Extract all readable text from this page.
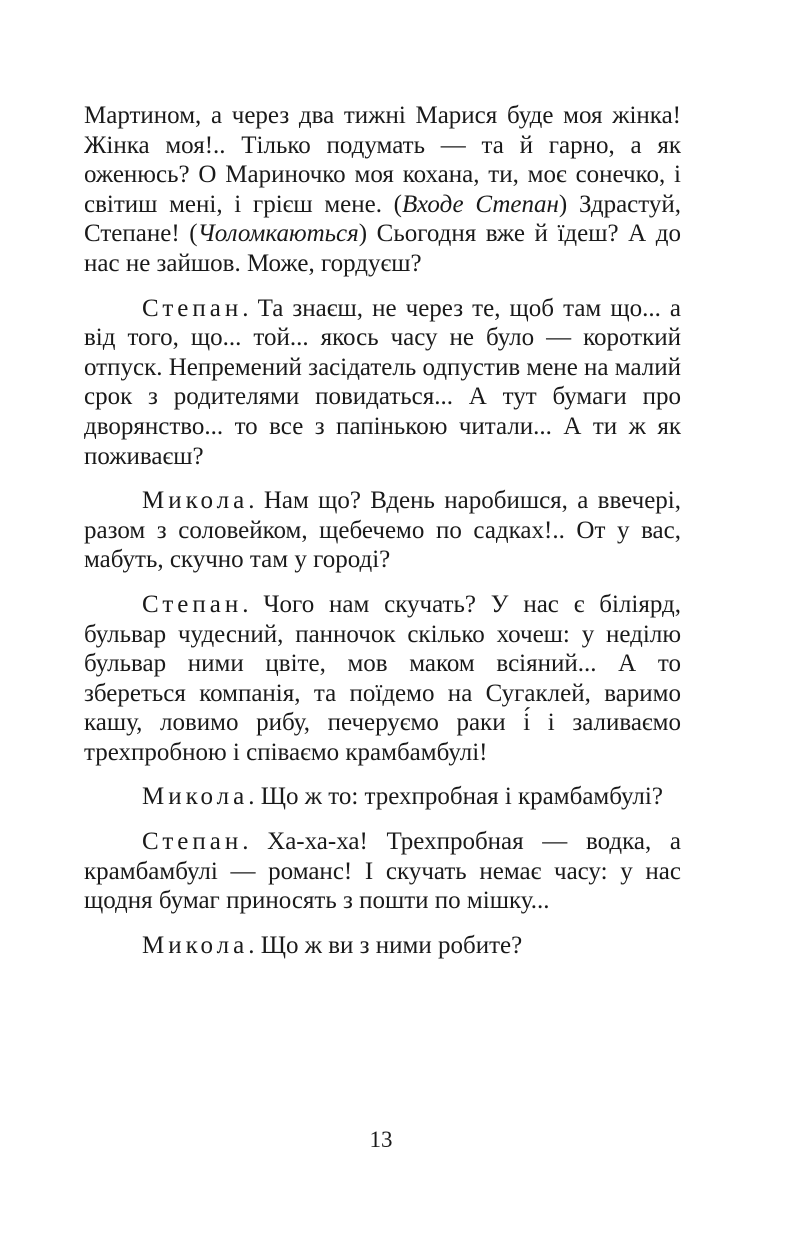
Мартином, а через два тижні Марися буде моя жінка! Жінка моя!.. Тілько подумать — та й гарно, а як оженюсь? О Мариночко моя кохана, ти, моє сонечко, і світиш мені, і грієш мене. (Входе Степан) Здрастуй, Степане! (Чоломкаються) Сьогодня вже й їдеш? А до нас не зайшов. Може, гордуєш?

Степан. Та знаєш, не через те, щоб там що... а від того, що... той... якось часу не було — короткий отпуск. Непремений засідатель одпустив мене на малий срок з родителями повидаться... А тут бумаги про дворянство... то все з папінькою читали... А ти ж як поживаєш?

Микола. Нам що? Вдень наробишся, а ввечері, разом з соловейком, щебечемо по садках!.. От у вас, мабуть, скучно там у городі?

Степан. Чого нам скучать? У нас є біліярд, бульвар чудесний, панночок скілько хочеш: у неділю бульвар ними цвіте, мов маком всіяний... А то збереться компанія, та поїдемо на Сугаклей, варимо кашу, ловимо рибу, печеруємо раки і́ і заливаємо трехпробною і співаємо крамбамбулі!

Микола. Що ж то: трехпробная і крамбамбулі?

Степан. Ха-ха-ха! Трехпробная — водка, а крамбамбулі — романс! І скучать немає часу: у нас щодня бумаг приносять з пошти по мішку...

Микола. Що ж ви з ними робите?

13
